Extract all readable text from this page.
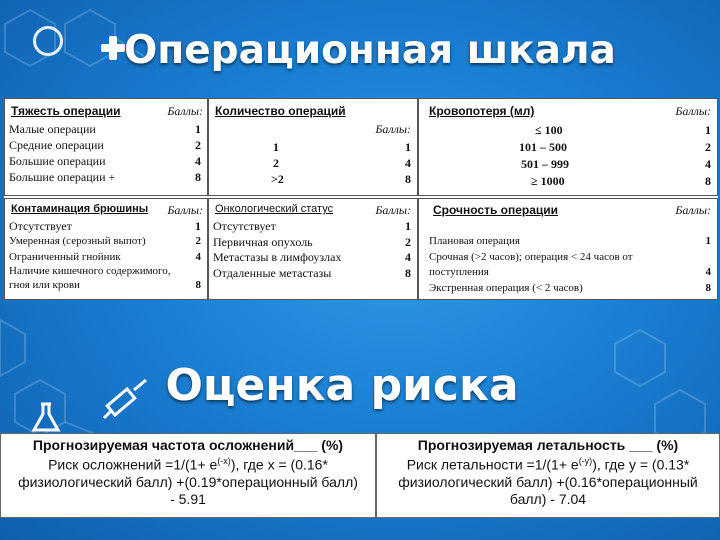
Операционная шкала
Тяжесть операции	Баллы:
Малые операции	1
Средние операции	2
Большие операции	4
Большие операции +	8
Количество операций
Баллы:
1	1
2	4
>2	8
Кровопотеря (мл)	Баллы:
≤ 100	1
101 – 500	2
501 – 999	4
≥ 1000	8
Контаминация брюшины Баллы:
Отсутствует	1
Умеренная (серозный выпот)	2
Ограниченный гнойник	4
Наличие кишечного содержимого,
гноя или крови	8
Онкологический статус	Баллы:
Отсутствует	1
Первичная опухоль	2
Метастазы в лимфоузлах	4
Отдаленные метастазы	8
Срочность операции	Баллы:
Плановая операция	1
Срочная (>2 часов); операция < 24 часов от
поступления	4
Экстренная операция (< 2 часов)	8
Оценка риска
Прогнозируемая частота осложнений___ (%)
Риск осложнений $=1/(1+ e^{(-x)})$, где x = (0.16*
физиологический балл) +(0.19*операционный балл)
- 5.91
Прогнозируемая летальность ___ (%)
Риск летальности $=1/(1+ e^{(-y)})$, где y = (0.13*
физиологический балл) +(0.16*операционный
балл) - 7.04
